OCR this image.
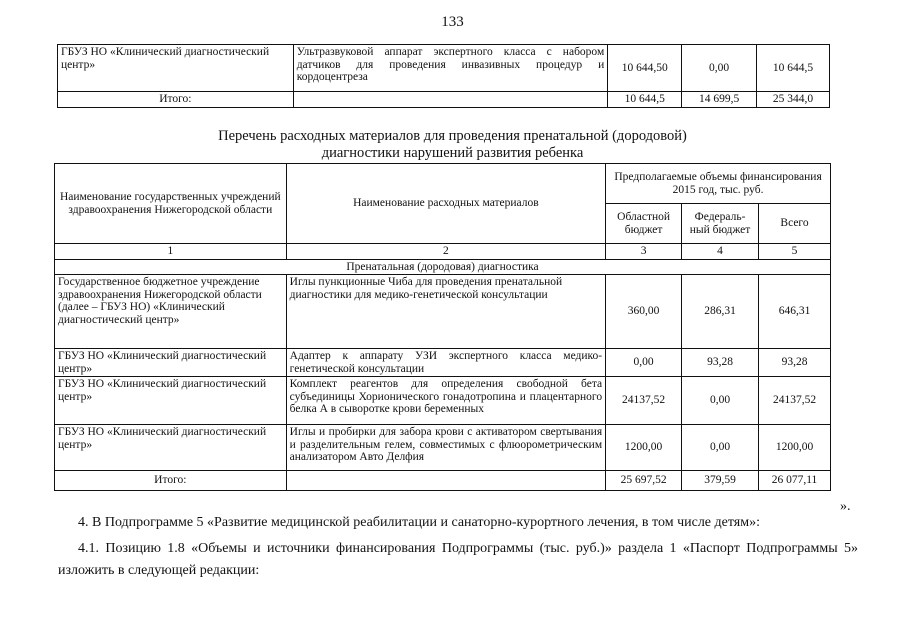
133
ГБУЗ НО «Клинический диагностический центр»	Ультразвуковой аппарат экспертного класса с набором датчиков для проведения инвазивных процедур и кордоцентреза	10 644,50	0,00	10 644,5
Итого:		10 644,5	14 699,5	25 344,0
Перечень расходных материалов для проведения пренатальной (дородовой) диагностики нарушений развития ребенка
Наименование государственных учреждений здравоохранения Нижегородской области	Наименование расходных материалов	Предполагаемые объемы финансирования 2015 год, тыс. руб.		
		Областной бюджет	Федераль-ный бюджет	Всего
1	2	3	4	5
Пренатальная (дородовая) диагностика				
Государственное бюджетное учреждение здравоохранения Нижегородской области (далее – ГБУЗ НО) «Клинический диагностический центр»	Иглы пункционные Чиба для проведения пренатальной диагностики для медико-генетической консультации	360,00	286,31	646,31
ГБУЗ НО «Клинический диагностический центр»	Адаптер к аппарату УЗИ экспертного класса медико-генетической консультации	0,00	93,28	93,28
ГБУЗ НО «Клинический диагностический центр»	Комплект реагентов для определения свободной бета субъединицы Хорионического гонадотропина и плацентарного белка А в сыворотке крови беременных	24137,52	0,00	24137,52
ГБУЗ НО «Клинический диагностический центр»	Иглы и пробирки для забора крови с активатором свертывания и разделительным гелем, совместимых с флюорометрическим анализатором Авто Делфия	1200,00	0,00	1200,00
Итого:		25 697,52	379,59	26 077,11
».
4. В Подпрограмме 5 «Развитие медицинской реабилитации и санаторно-курортного лечения, в том числе детям»:
4.1. Позицию 1.8 «Объемы и источники финансирования Подпрограммы (тыс. руб.)» раздела 1 «Паспорт Подпрограммы 5» изложить в следующей редакции:
